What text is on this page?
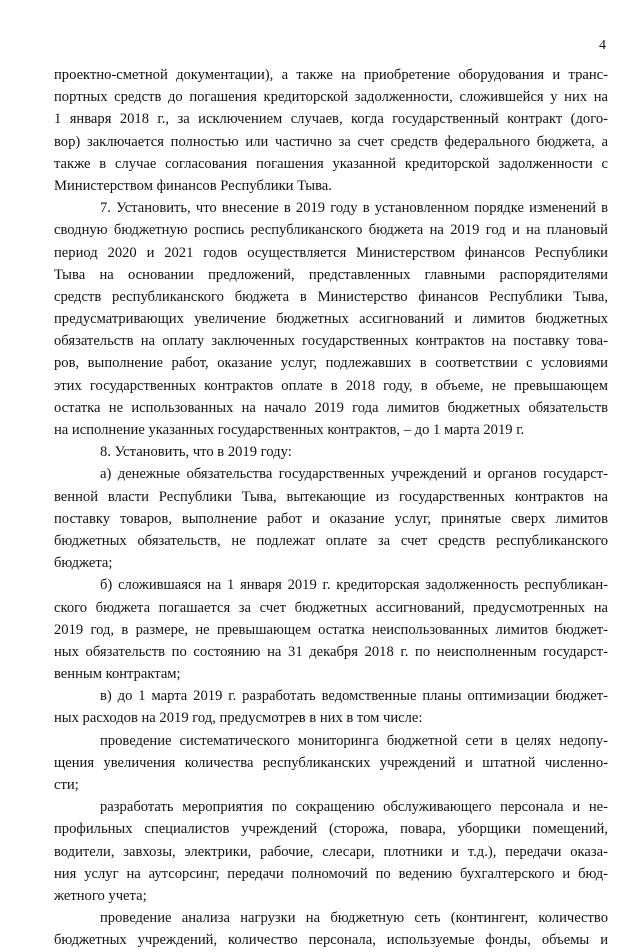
4
проектно-сметной документации), а также на приобретение оборудования и транс-
портных средств до погашения кредиторской задолженности, сложившейся у них на
1 января 2018 г., за исключением случаев, когда государственный контракт (дого-
вор) заключается полностью или частично за счет средств федерального бюджета, а
также в случае согласования погашения указанной кредиторской задолженности с
Министерством финансов Республики Тыва.
7. Установить, что внесение в 2019 году в установленном порядке изменений в
сводную бюджетную роспись республиканского бюджета на 2019 год и на плановый
период 2020 и 2021 годов осуществляется Министерством финансов Республики
Тыва на основании предложений, представленных главными распорядителями
средств республиканского бюджета в Министерство финансов Республики Тыва,
предусматривающих увеличение бюджетных ассигнований и лимитов бюджетных
обязательств на оплату заключенных государственных контрактов на поставку това-
ров, выполнение работ, оказание услуг, подлежавших в соответствии с условиями
этих государственных контрактов оплате в 2018 году, в объеме, не превышающем
остатка не использованных на начало 2019 года лимитов бюджетных обязательств
на исполнение указанных государственных контрактов, – до 1 марта 2019 г.
8. Установить, что в 2019 году:
а) денежные обязательства государственных учреждений и органов государст-
венной власти Республики Тыва, вытекающие из государственных контрактов на
поставку товаров, выполнение работ и оказание услуг, принятые сверх лимитов
бюджетных обязательств, не подлежат оплате за счет средств республиканского
бюджета;
б) сложившаяся на 1 января 2019 г. кредиторская задолженность республикан-
ского бюджета погашается за счет бюджетных ассигнований, предусмотренных на
2019 год, в размере, не превышающем остатка неиспользованных лимитов бюджет-
ных обязательств по состоянию на 31 декабря 2018 г. по неисполненным государст-
венным контрактам;
в) до 1 марта 2019 г. разработать ведомственные планы оптимизации бюджет-
ных расходов на 2019 год, предусмотрев в них в том числе:
проведение систематического мониторинга бюджетной сети в целях недопу-
щения увеличения количества республиканских учреждений и штатной численно-
сти;
разработать мероприятия по сокращению обслуживающего персонала и не-
профильных специалистов учреждений (сторожа, повара, уборщики помещений,
водители, завхозы, электрики, рабочие, слесари, плотники и т.д.), передачи оказа-
ния услуг на аутсорсинг, передачи полномочий по ведению бухгалтерского и бюд-
жетного учета;
проведение анализа нагрузки на бюджетную сеть (контингент, количество
бюджетных учреждений, количество персонала, используемые фонды, объемы и
